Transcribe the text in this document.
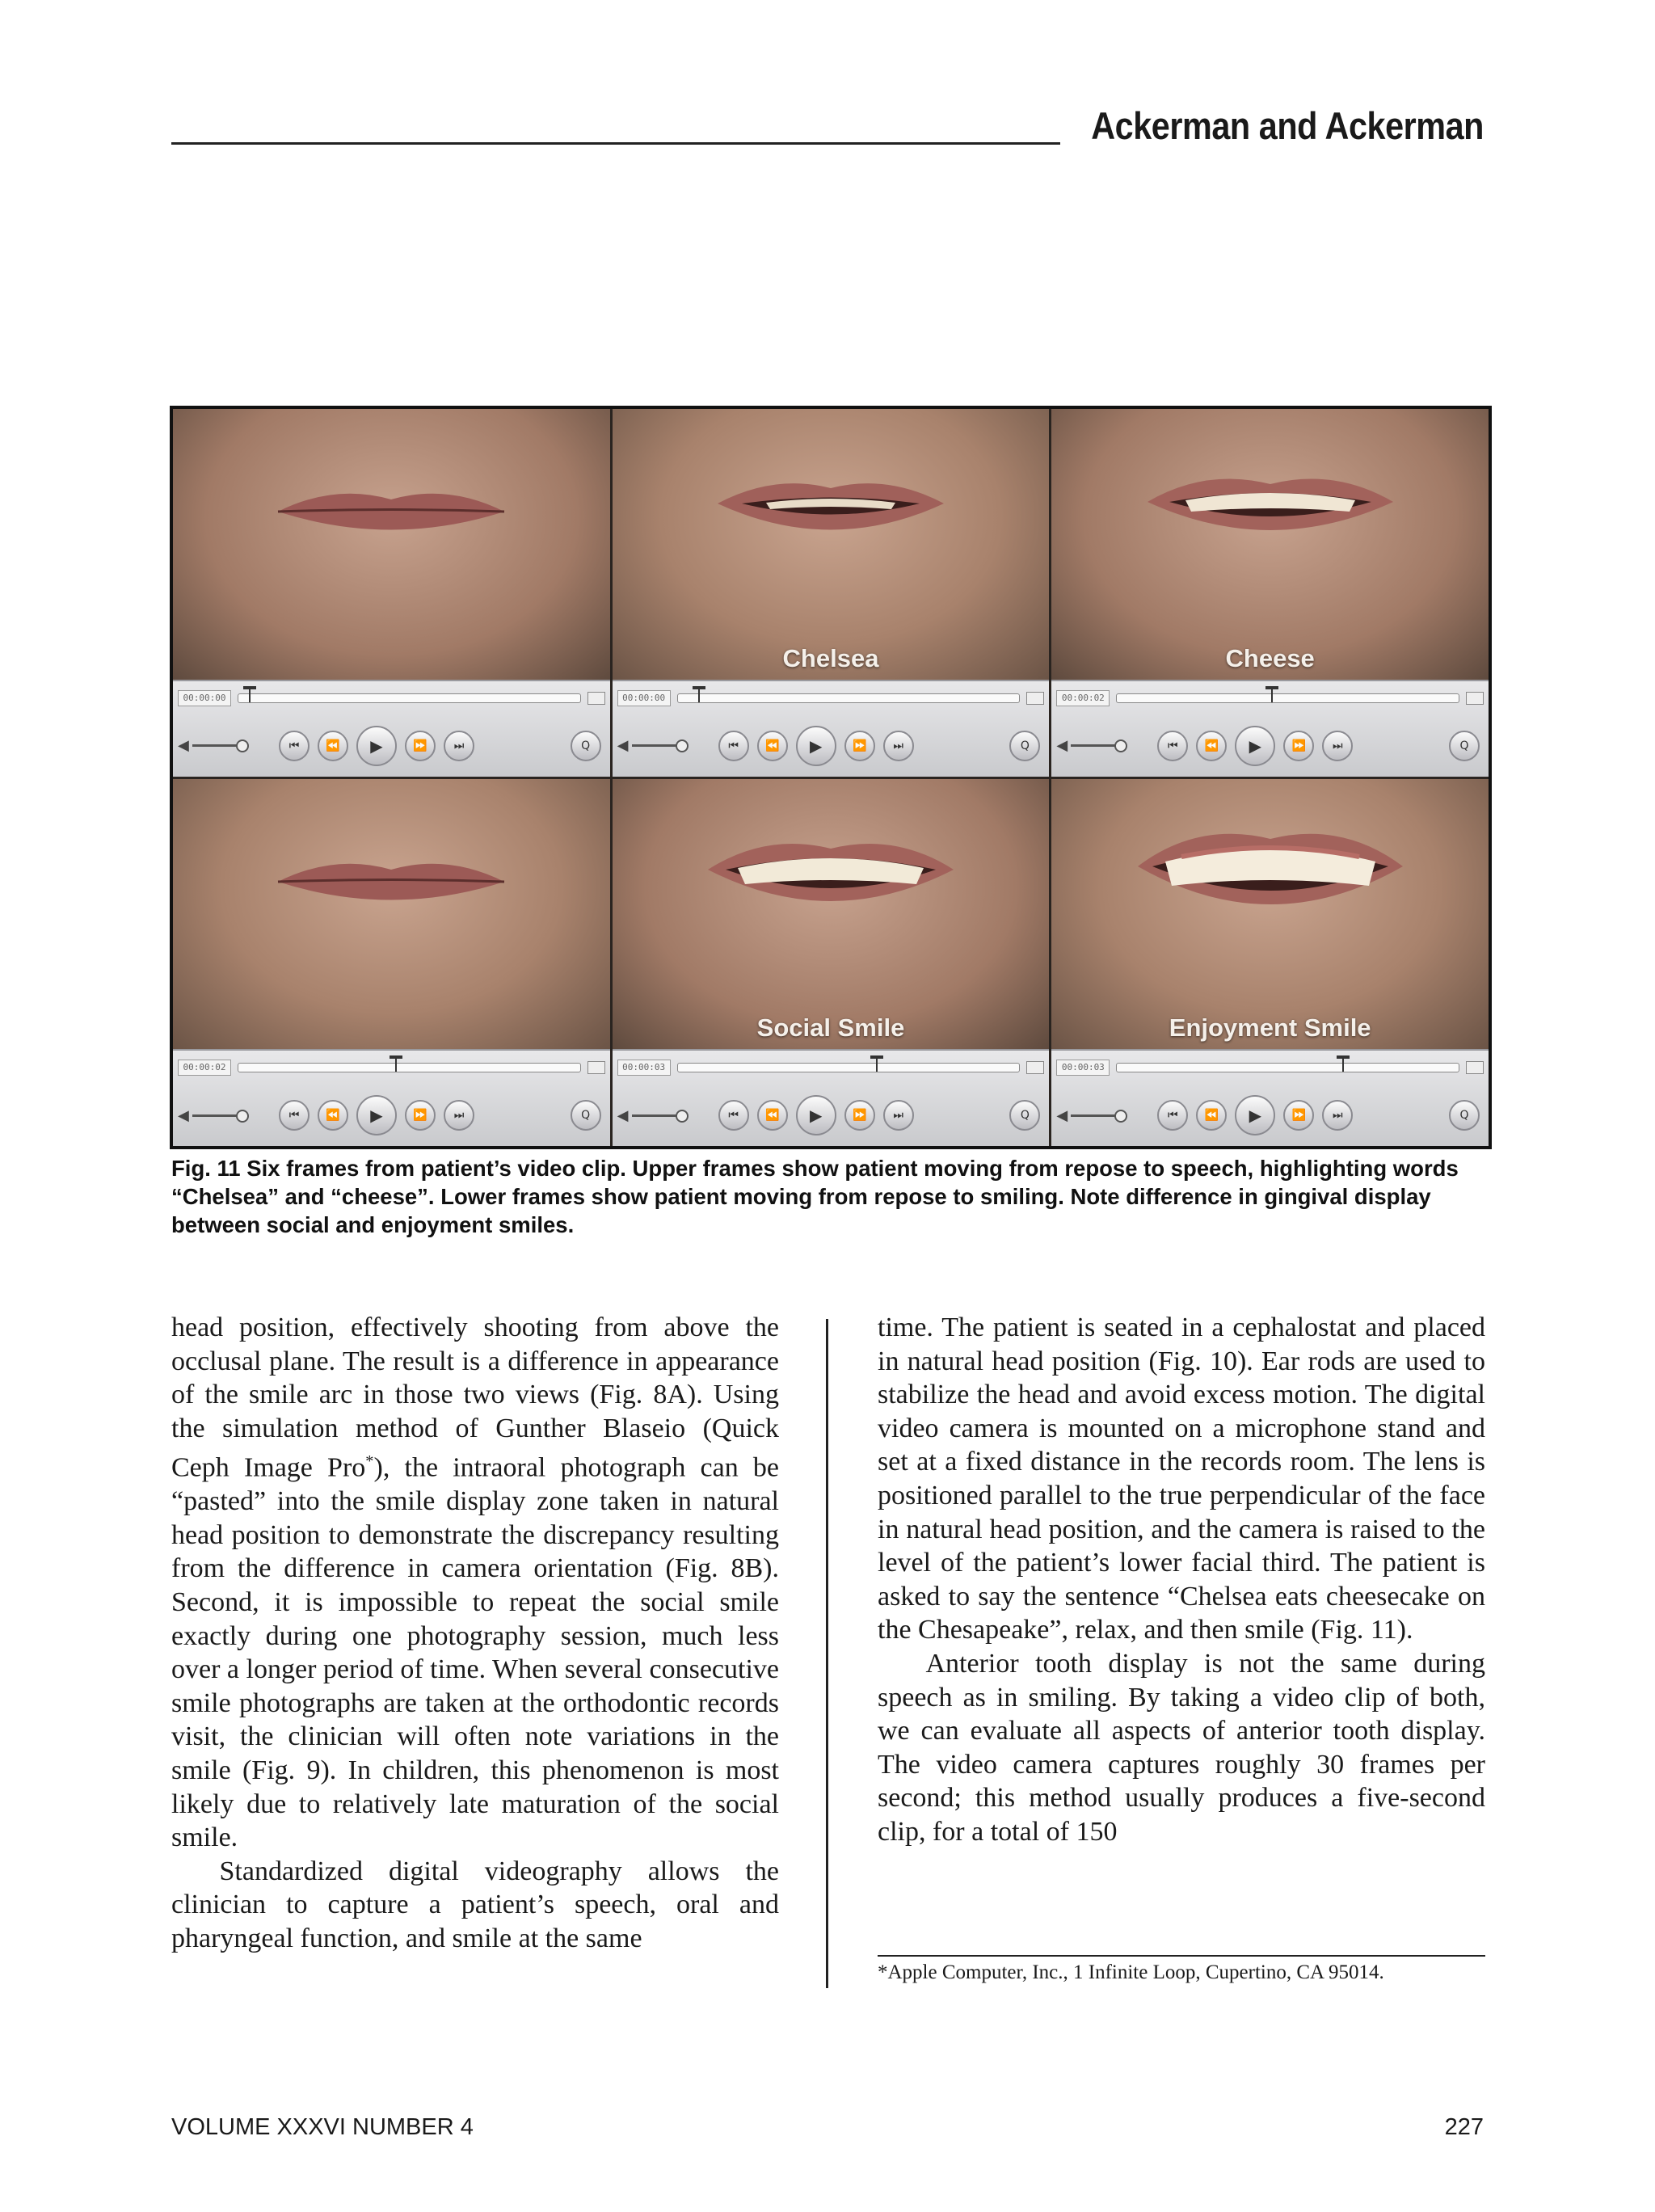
Ackerman and Ackerman
00:00:00
◀	⏮	⏪	▶	⏩	⏭	Q
Chelsea
00:00:00
◀	⏮	⏪	▶	⏩	⏭	Q
Cheese
00:00:02
◀	⏮	⏪	▶	⏩	⏭	Q
00:00:02
◀	⏮	⏪	▶	⏩	⏭	Q
Social Smile
00:00:03
◀	⏮	⏪	▶	⏩	⏭	Q
Enjoyment Smile
00:00:03
◀	⏮	⏪	▶	⏩	⏭	Q
Fig. 11 Six frames from patient’s video clip. Upper frames show patient moving from repose to speech, highlighting words “Chelsea” and “cheese”. Lower frames show patient moving from repose to smiling. Note difference in gingival display between social and enjoyment smiles.

head position, effectively shooting from above the occlusal plane. The result is a difference in appearance of the smile arc in those two views (Fig. 8A). Using the simulation method of Gunther Blaseio (Quick Ceph Image Pro*), the intraoral photograph can be “pasted” into the smile display zone taken in natural head position to demonstrate the discrepancy resulting from the difference in camera orientation (Fig. 8B). Second, it is impossible to repeat the social smile exactly during one photography session, much less over a longer period of time. When several consecutive smile photographs are taken at the orthodontic records visit, the clinician will often note variations in the smile (Fig. 9). In children, this phenomenon is most likely due to relatively late maturation of the social smile.

Standardized digital videography allows the clinician to capture a patient’s speech, oral and pharyngeal function, and smile at the same

time. The patient is seated in a cephalostat and placed in natural head position (Fig. 10). Ear rods are used to stabilize the head and avoid excess motion. The digital video camera is mounted on a microphone stand and set at a fixed distance in the records room. The lens is positioned parallel to the true perpendicular of the face in natural head position, and the camera is raised to the level of the patient’s lower facial third. The patient is asked to say the sentence “Chelsea eats cheesecake on the Chesapeake”, relax, and then smile (Fig. 11).

Anterior tooth display is not the same during speech as in smiling. By taking a video clip of both, we can evaluate all aspects of anterior tooth display. The video camera captures roughly 30 frames per second; this method usually produces a five-second clip, for a total of 150

*Apple Computer, Inc., 1 Infinite Loop, Cupertino, CA 95014.
VOLUME XXXVI NUMBER 4	227
